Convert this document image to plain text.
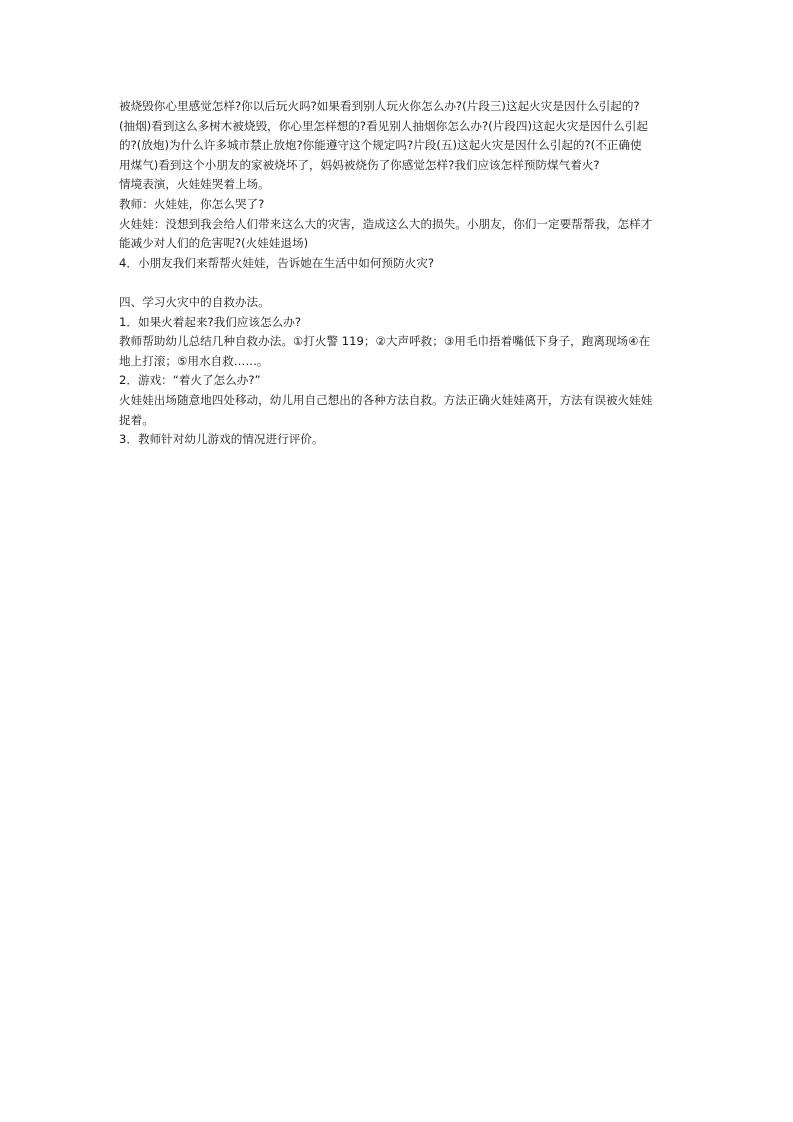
被烧毁你心里感觉怎样?你以后玩火吗?如果看到别人玩火你怎么办?(片段三)这起火灾是因什么引起的?
(抽烟)看到这么多树木被烧毁，你心里怎样想的?看见别人抽烟你怎么办?(片段四)这起火灾是因什么引起
的?(放炮)为什么许多城市禁止放炮?你能遵守这个规定吗?片段(五)这起火灾是因什么引起的?(不正确使
用煤气)看到这个小朋友的家被烧坏了，妈妈被烧伤了你感觉怎样?我们应该怎样预防煤气着火?
情境表演，火娃娃哭着上场。
教师：火娃娃，你怎么哭了?
火娃娃：没想到我会给人们带来这么大的灾害，造成这么大的损失。小朋友，你们一定要帮帮我，怎样才
能减少对人们的危害呢?(火娃娃退场)
4．小朋友我们来帮帮火娃娃，告诉她在生活中如何预防火灾?
四、学习火灾中的自救办法。
1．如果火着起来?我们应该怎么办?
教师帮助幼儿总结几种自救办法。①打火警 119；②大声呼救；③用毛巾捂着嘴低下身子，跑离现场④在
地上打滚；⑤用水自救……。
2．游戏：“着火了怎么办?”
火娃娃出场随意地四处移动，幼儿用自己想出的各种方法自救。方法正确火娃娃离开，方法有误被火娃娃
捉着。
3．教师针对幼儿游戏的情况进行评价。
